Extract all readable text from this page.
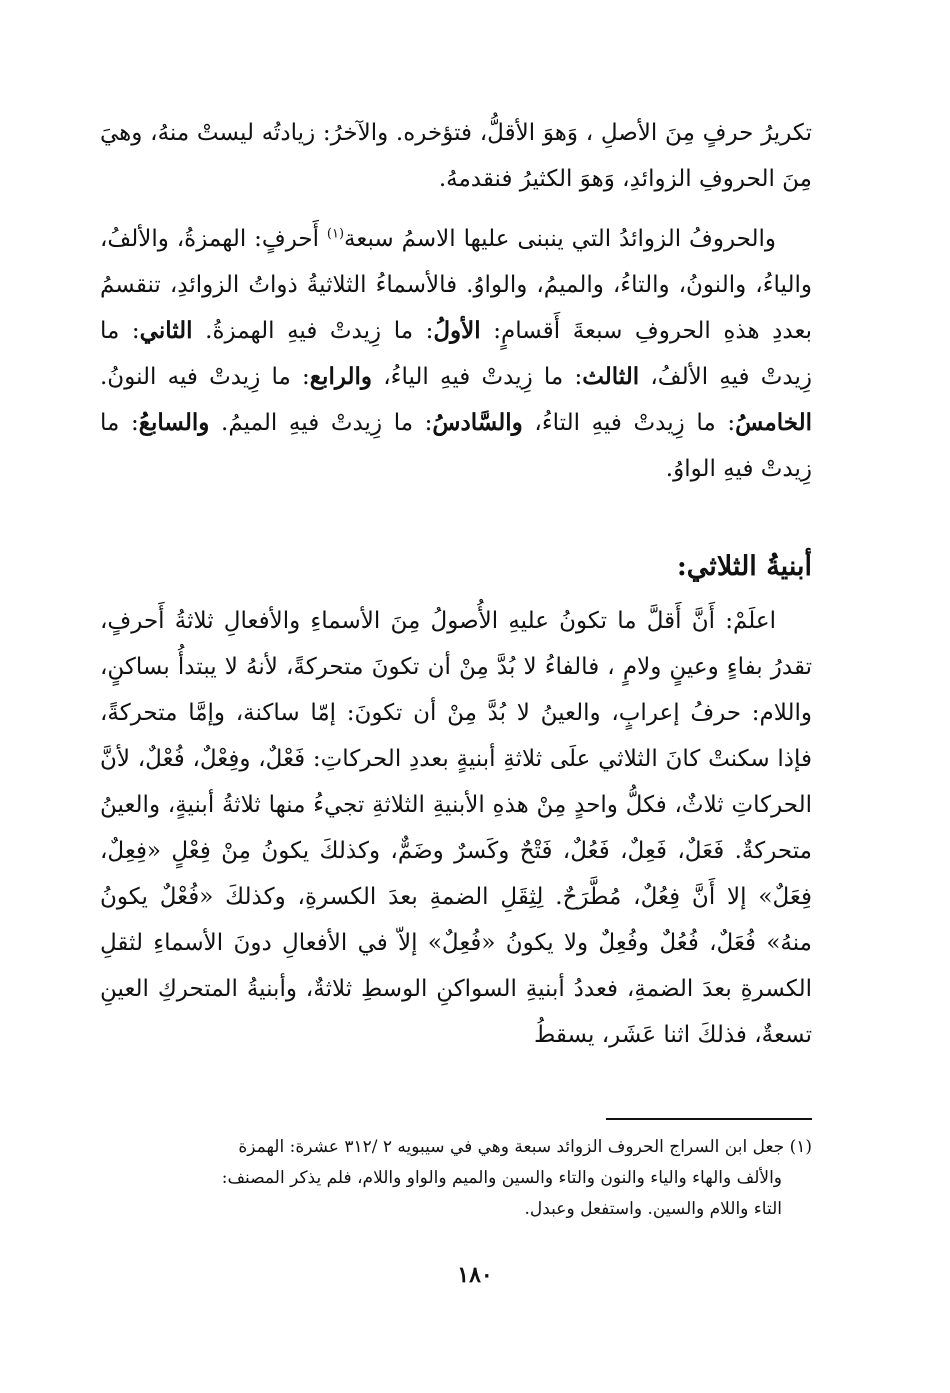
تكريرُ حرفٍ مِنَ الأصلِ ، وَهوَ الأقلُّ، فتؤخره. والآخرُ: زيادتُه ليستْ منهُ، وهيَ مِنَ الحروفِ الزوائدِ، وَهوَ الكثيرُ فنقدمهُ.

والحروفُ الزوائدُ التي ينبنى عليها الاسمُ سبعة$^{(١)}$ أَحرفٍ: الهمزةُ، والألفُ، والياءُ، والنونُ، والتاءُ، والميمُ، والواوُ. فالأسماءُ الثلاثيةُ ذواتُ الزوائدِ، تنقسمُ بعددِ هذهِ الحروفِ سبعةَ أَقسامٍ: الأولُ: ما زِيدتْ فيهِ الهمزةُ. الثاني: ما زِيدتْ فيهِ الألفُ، الثالث: ما زِيدتْ فيهِ الياءُ، والرابع: ما زِيدتْ فيه النونُ. الخامسُ: ما زِيدتْ فيهِ التاءُ، والسَّادسُ: ما زِيدتْ فيهِ الميمُ. والسابعُ: ما زِيدتْ فيهِ الواوُ.

أبنيةُ الثلاثي:

اعلَمْ: أَنَّ أَقلَّ ما تكونُ عليهِ الأُصولُ مِنَ الأسماءِ والأفعالِ ثلاثةُ أَحرفٍ، تقدرُ بفاءٍ وعينٍ ولامٍ ، فالفاءُ لا بُدَّ مِنْ أن تكونَ متحركةً، لأنهُ لا يبتدأُ بساكنٍ، واللام: حرفُ إعرابٍ، والعينُ لا بُدَّ مِنْ أن تكونَ: إمّا ساكنة، وإمَّا متحركةً، فإذا سكنتْ كانَ الثلاثي علَى ثلاثةِ أبنيةٍ بعددِ الحركاتِ: فَعْلٌ، وفِعْلٌ، فُعْلٌ، لأنَّ الحركاتِ ثلاثٌ، فكلُّ واحدٍ مِنْ هذهِ الأبنيةِ الثلاثةِ تجيءُ منها ثلاثةُ أبنيةٍ، والعينُ متحركةٌ. فَعَلٌ، فَعِلٌ، فَعُلٌ، فَتْحٌ وكَسرٌ وضَمٌّ، وكذلكَ يكونُ مِنْ فِعْلٍ «فِعِلٌ، فِعَلٌ» إلا أَنَّ فِعُلٌ، مُطَّرَحٌ. لِثِقَلِ الضمةِ بعدَ الكسرةِ، وكذلكَ «فُعْلٌ يكونُ منهُ» فُعَلٌ، فُعُلٌ وفُعِلٌ ولا يكونُ «فُعِلٌ» إلاّ في الأفعالِ دونَ الأسماءِ لثقلِ الكسرةِ بعدَ الضمةِ، فعددُ أبنيةِ السواكنِ الوسطِ ثلاثةٌ، وأبنيةُ المتحركِ العينِ تسعةٌ، فذلكَ اثنا عَشَر، يسقطُ

(١) جعل ابن السراج الحروف الزوائد سبعة وهي في سيبويه ٢ /٣١٢ عشرة: الهمزة

والألف والهاء والياء والنون والتاء والسين والميم والواو واللام، فلم يذكر المصنف:

التاء واللام والسين. واستفعل وعبدل.

١٨٠
